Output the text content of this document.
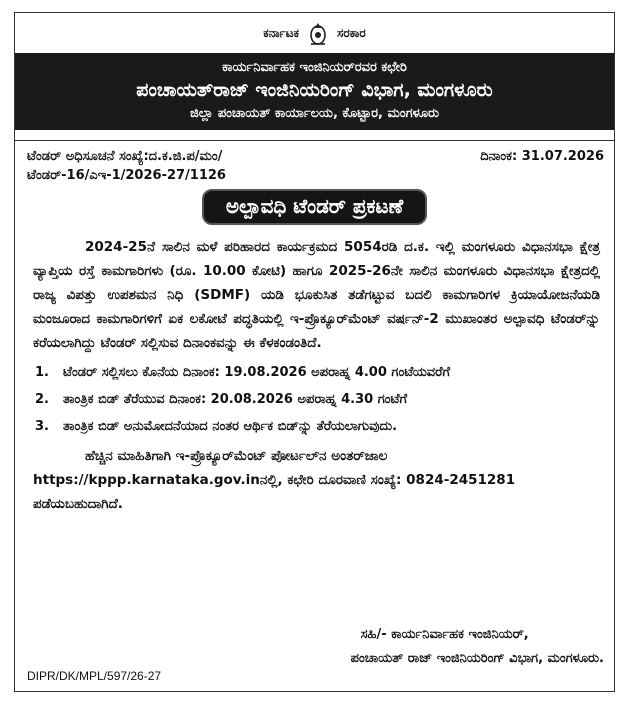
ಕರ್ನಾಟಕ	ಸರಕಾರ
ಕಾರ್ಯನಿರ್ವಾಹಕ ಇಂಜಿನಿಯರ್‌ರವರ ಕಛೇರಿ
ಪಂಚಾಯತ್‌ರಾಜ್ ಇಂಜಿನಿಯರಿಂಗ್ ವಿಭಾಗ, ಮಂಗಳೂರು
ಜಿಲ್ಲಾ ಪಂಚಾಯತ್ ಕಾರ್ಯಾಲಯ, ಕೊಟ್ಟಾರ, ಮಂಗಳೂರು
ಟೆಂಡರ್ ಅಧಿಸೂಚನೆ ಸಂಖ್ಯೆ:ದ.ಕ.ಜಿ.ಪ/ಮಂ/	ದಿನಾಂಕ: 31.07.2026
ಟೆಂಡರ್-16/ಎಇ-1/2026-27/1126
ಅಲ್ಪಾವಧಿ ಟೆಂಡರ್ ಪ್ರಕಟಣೆ

2024-25ನೆ ಸಾಲಿನ ಮಳೆ ಪರಿಹಾರದ ಕಾರ್ಯಕ್ರಮದ 5054ರಡಿ ದ.ಕ. ಇಲ್ಲಿ ಮಂಗಳೂರು ವಿಧಾನಸಭಾ ಕ್ಷೇತ್ರ ವ್ಯಾಪ್ತಿಯ ರಸ್ತೆ ಕಾಮಗಾರಿಗಳು (ರೂ. 10.00 ಕೋಟಿ) ಹಾಗೂ 2025-26ನೇ ಸಾಲಿನ ಮಂಗಳೂರು ವಿಧಾನಸಭಾ ಕ್ಷೇತ್ರದಲ್ಲಿ ರಾಜ್ಯ ವಿಪತ್ತು ಉಪಶಮನ ನಿಧಿ (SDMF) ಯಡಿ ಭೂಕುಸಿತ ತಡೆಗಟ್ಟುವ ಬದಲಿ ಕಾಮಗಾರಿಗಳ ಕ್ರಿಯಾಯೋಜನೆಯಡಿ ಮಂಜೂರಾದ ಕಾಮಗಾರಿಗಳಿಗೆ ಏಕ ಲಕೋಟೆ ಪದ್ಧತಿಯಲ್ಲಿ ಇ-ಪ್ರೊಕ್ಯೂರ್‌ಮೆಂಟ್ ವರ್ಷನ್-2 ಮುಖಾಂತರ ಅಲ್ಪಾವಧಿ ಟೆಂಡರ್‌ನ್ನು ಕರೆಯಲಾಗಿದ್ದು ಟೆಂಡರ್ ಸಲ್ಲಿಸುವ ದಿನಾಂಕವನ್ನು ಈ ಕೆಳಕಂಡಂತಿದೆ.

1.	ಟೆಂಡರ್ ಸಲ್ಲಿಸಲು ಕೊನೆಯ ದಿನಾಂಕ: 19.08.2026 ಅಪರಾಹ್ನ 4.00 ಗಂಟೆಯವರೆಗೆ
2.	ತಾಂತ್ರಿಕ ಬಿಡ್ ತೆರೆಯುವ ದಿನಾಂಕ: 20.08.2026 ಅಪರಾಹ್ನ 4.30 ಗಂಟೆಗೆ
3.	ತಾಂತ್ರಿಕ ಬಿಡ್ ಅನುಮೋದನೆಯಾದ ನಂತರ ಆರ್ಥಿಕ ಬಿಡ್‌ನ್ನು ತೆರೆಯಲಾಗುವುದು.

ಹೆಚ್ಚಿನ ಮಾಹಿತಿಗಾಗಿ ಇ-ಪ್ರೊಕ್ಯೂರ್‌ಮೆಂಟ್ ಪೋರ್ಟಲ್‌ನ ಅಂತರ್‌ಜಾಲ https://kppp.karnataka.gov.inನಲ್ಲಿ, ಕಛೇರಿ ದೂರವಾಣಿ ಸಂಖ್ಯೆ: 0824-2451281 ಪಡೆಯಬಹುದಾಗಿದೆ.

ಸಹಿ/- ಕಾರ್ಯನಿರ್ವಾಹಕ ಇಂಜಿನಿಯರ್,
ಪಂಚಾಯತ್ ರಾಜ್ ಇಂಜಿನಿಯರಿಂಗ್ ವಿಭಾಗ, ಮಂಗಳೂರು.
DIPR/DK/MPL/597/26-27
